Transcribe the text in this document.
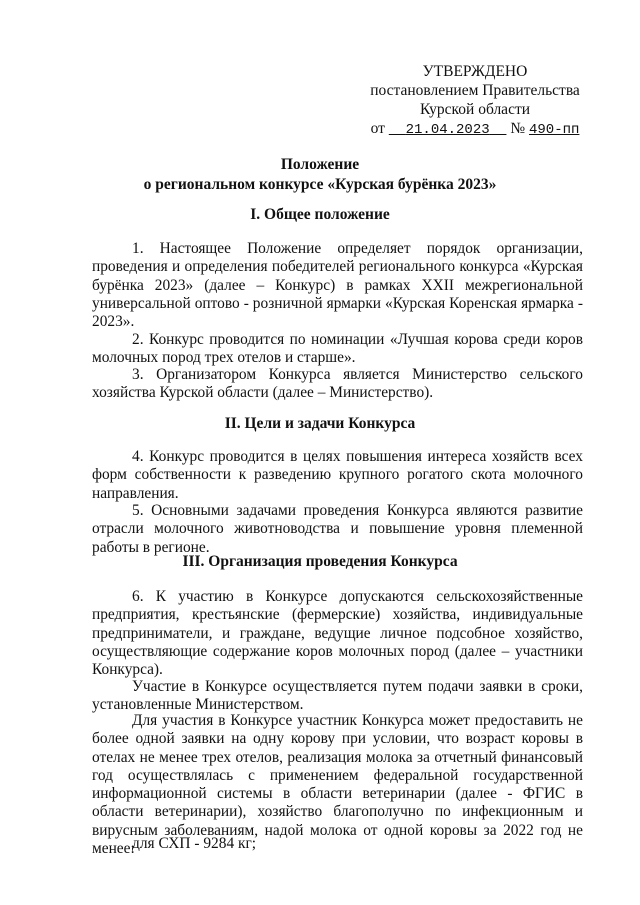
УТВЕРЖДЕНО
постановлением Правительства
Курской области
от 21.04.2023 № 490-пп
Положение
о региональном конкурсе «Курская бурёнка 2023»
I. Общее положение

1. Настоящее Положение определяет порядок организации, проведения и определения победителей регионального конкурса «Курская бурёнка 2023» (далее – Конкурс) в рамках XXII межрегиональной универсальной оптово - розничной ярмарки «Курская Коренская ярмарка - 2023».

2. Конкурс проводится по номинации «Лучшая корова среди коров молочных пород трех отелов и старше».

3. Организатором Конкурса является Министерство сельского хозяйства Курской области (далее – Министерство).

II. Цели и задачи Конкурса

4. Конкурс проводится в целях повышения интереса хозяйств всех форм собственности к разведению крупного рогатого скота молочного направления.

5. Основными задачами проведения Конкурса являются развитие отрасли молочного животноводства и повышение уровня племенной работы в регионе.

III. Организация проведения Конкурса

6. К участию в Конкурсе допускаются сельскохозяйственные предприятия, крестьянские (фермерские) хозяйства, индивидуальные предприниматели, и граждане, ведущие личное подсобное хозяйство, осуществляющие содержание коров молочных пород (далее – участники Конкурса).

Участие в Конкурсе осуществляется путем подачи заявки в сроки, установленные Министерством.

Для участия в Конкурсе участник Конкурса может предоставить не более одной заявки на одну корову при условии, что возраст коровы в отелах не менее трех отелов, реализация молока за отчетный финансовый год осуществлялась с применением федеральной государственной информационной системы в области ветеринарии (далее - ФГИС в области ветеринарии), хозяйство благополучно по инфекционным и вирусным заболеваниям, надой молока от одной коровы за 2022 год не менее:

для СХП - 9284 кг;
